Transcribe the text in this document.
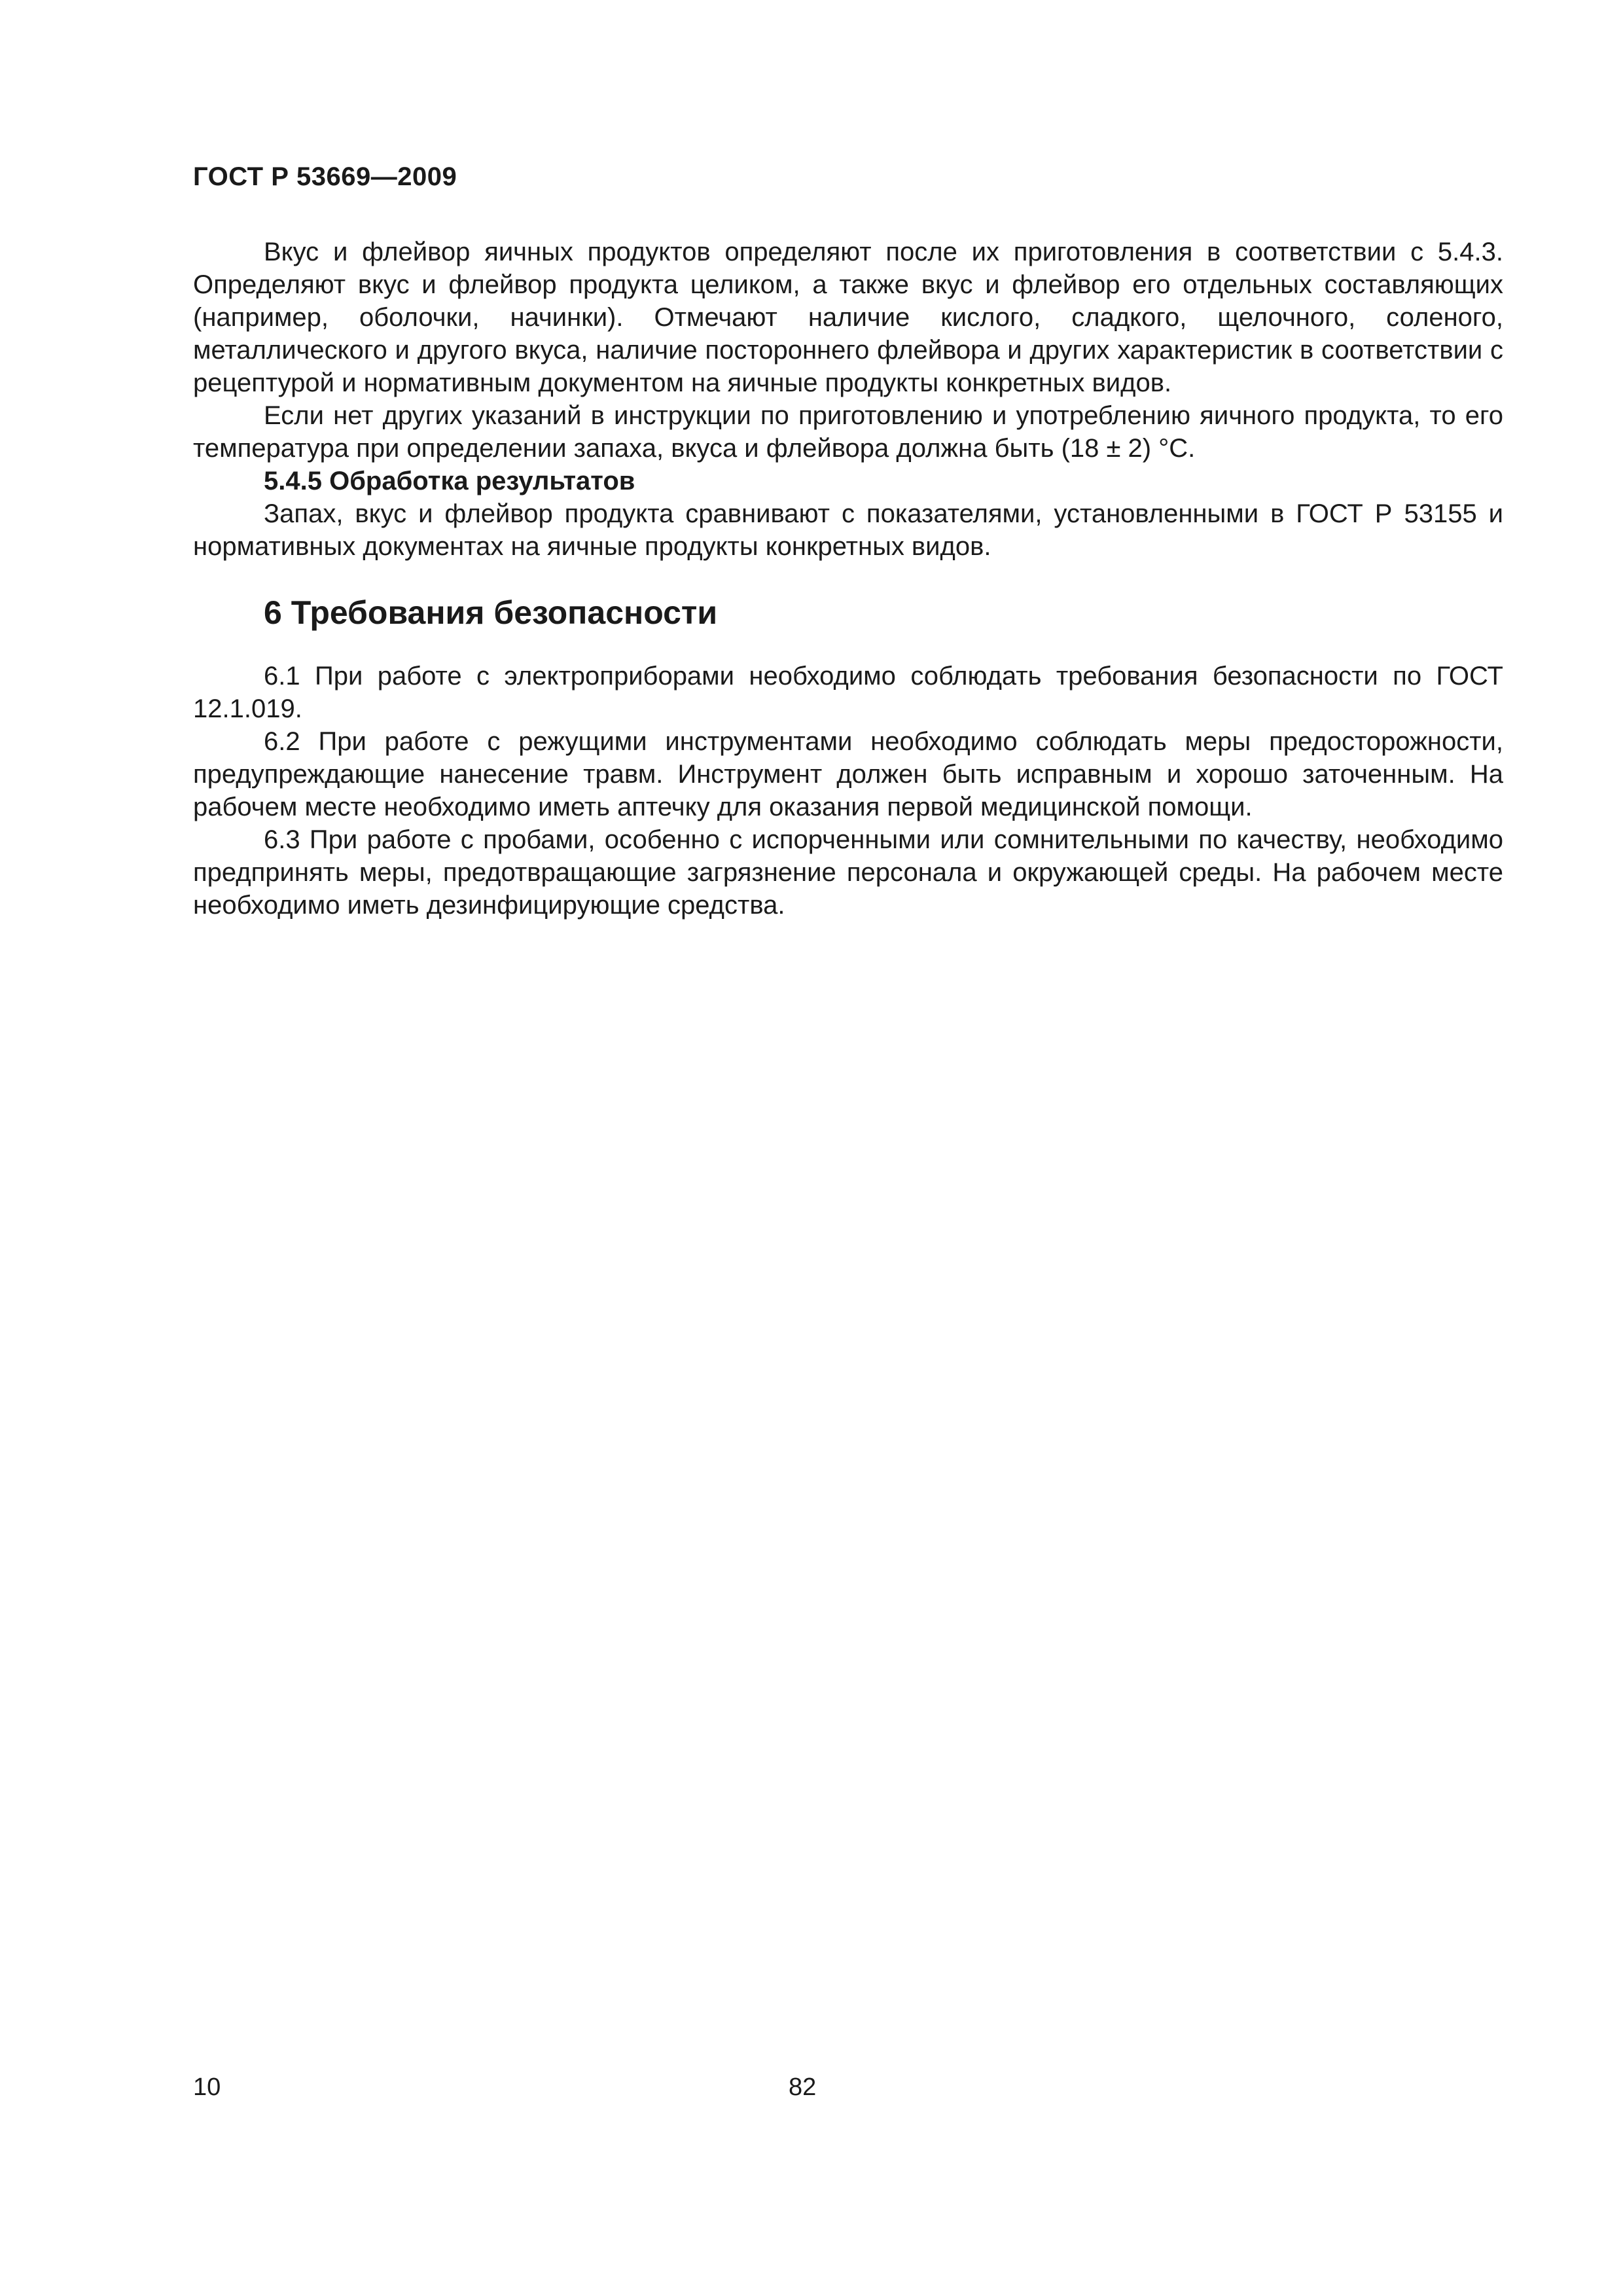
ГОСТ Р 53669—2009

Вкус и флейвор яичных продуктов определяют после их приготовления в соответствии с 5.4.3. Определяют вкус и флейвор продукта целиком, а также вкус и флейвор его отдельных составляющих (например, оболочки, начинки). Отмечают наличие кислого, сладкого, щелочного, соленого, металлического и другого вкуса, наличие постороннего флейвора и других характеристик в соответствии с рецептурой и нормативным документом на яичные продукты конкретных видов.

Если нет других указаний в инструкции по приготовлению и употреблению яичного продукта, то его температура при определении запаха, вкуса и флейвора должна быть (18 ± 2) °С.

5.4.5 Обработка результатов

Запах, вкус и флейвор продукта сравнивают с показателями, установленными в ГОСТ Р 53155 и нормативных документах на яичные продукты конкретных видов.

6 Требования безопасности

6.1 При работе с электроприборами необходимо соблюдать требования безопасности по ГОСТ 12.1.019.

6.2 При работе с режущими инструментами необходимо соблюдать меры предосторожности, предупреждающие нанесение травм. Инструмент должен быть исправным и хорошо заточенным. На рабочем месте необходимо иметь аптечку для оказания первой медицинской помощи.

6.3 При работе с пробами, особенно с испорченными или сомнительными по качеству, необходимо предпринять меры, предотвращающие загрязнение персонала и окружающей среды. На рабочем месте необходимо иметь дезинфицирующие средства.

10	82
